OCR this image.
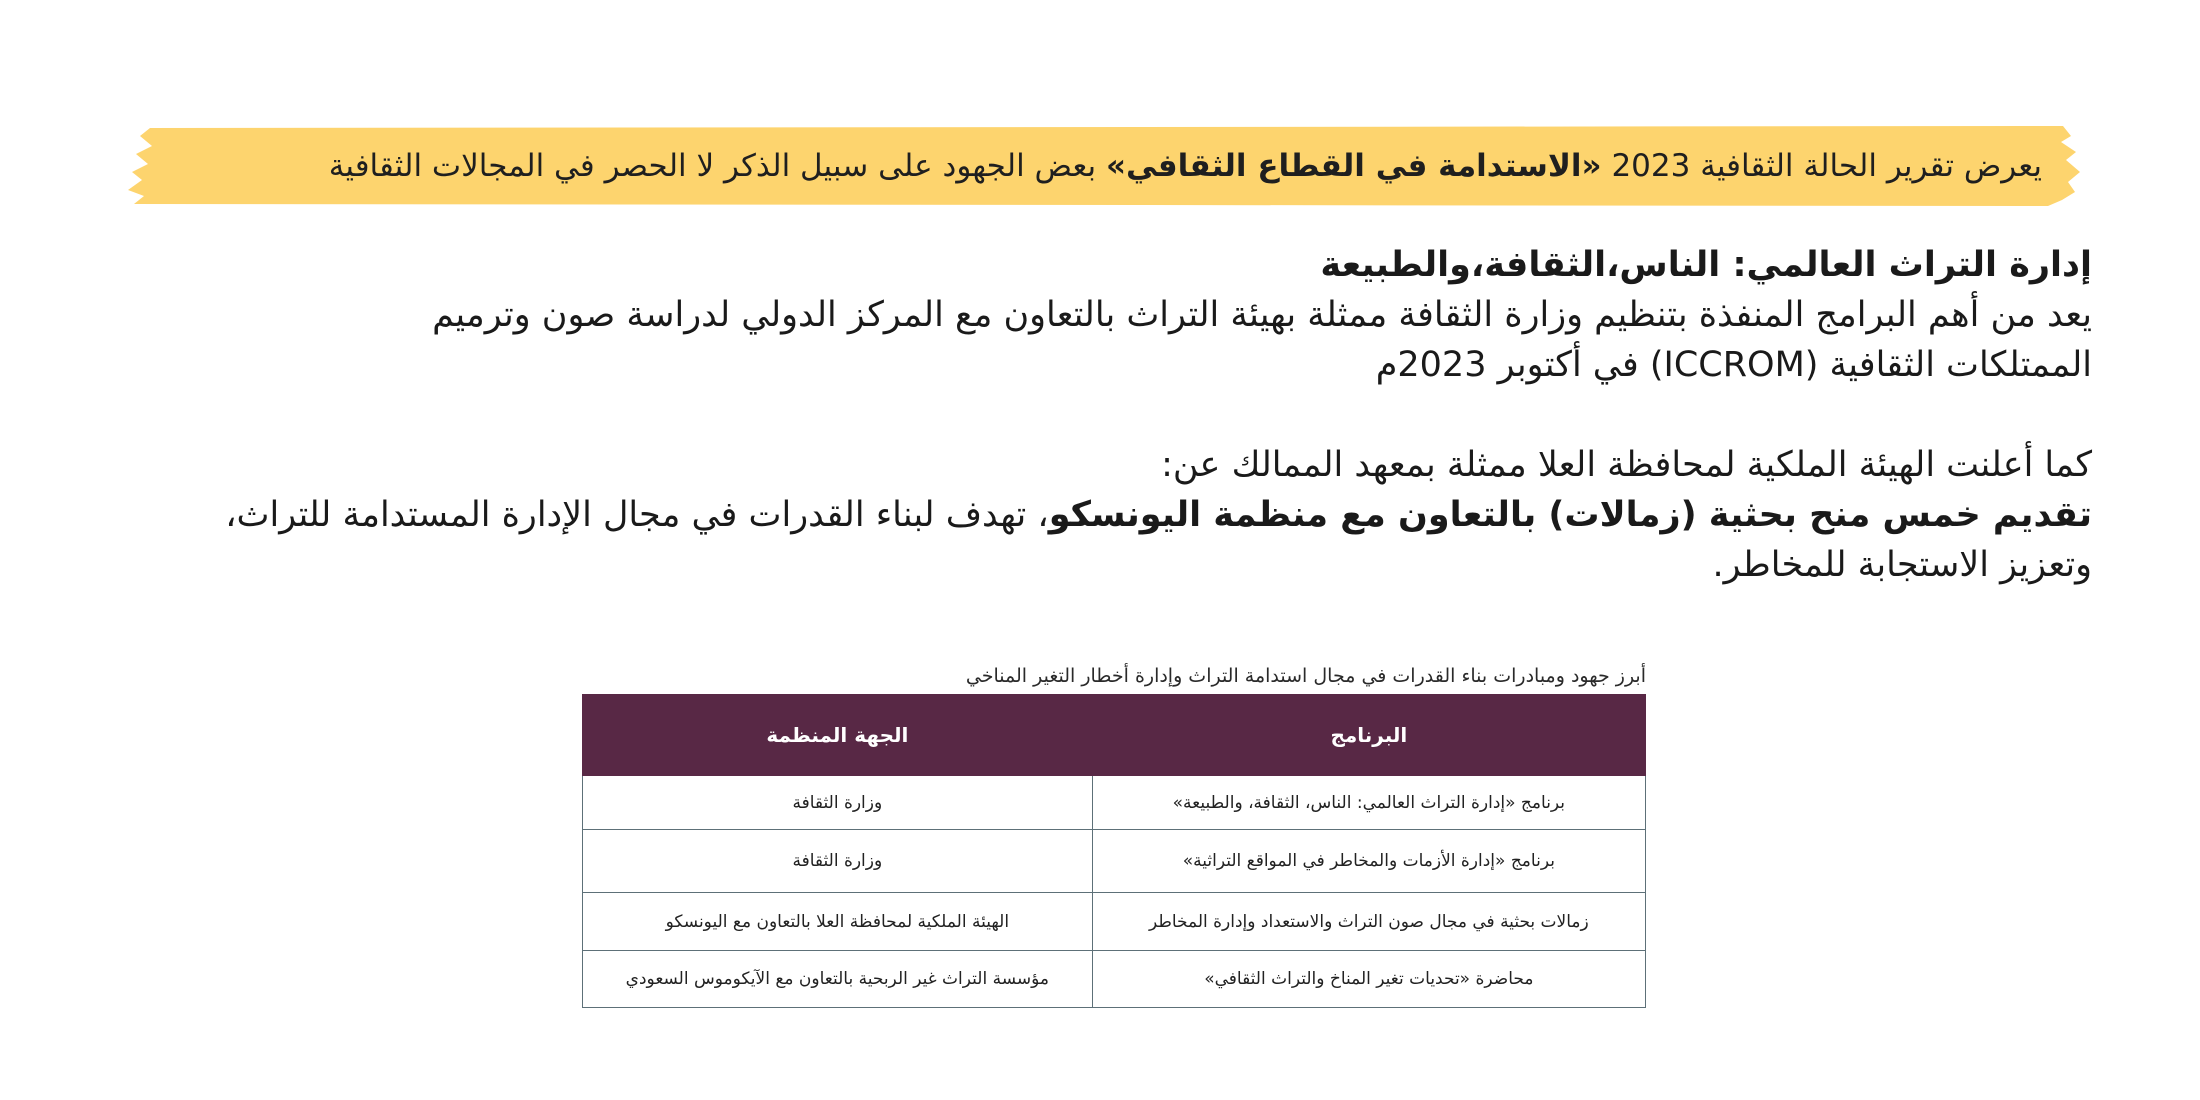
يعرض تقرير الحالة الثقافية 2023 «الاستدامة في القطاع الثقافي» بعض الجهود على سبيل الذكر لا الحصر في المجالات الثقافية
إدارة التراث العالمي: الناس،الثقافة،والطبيعة
يعد من أهم البرامج المنفذة بتنظيم وزارة الثقافة ممثلة بهيئة التراث بالتعاون مع المركز الدولي لدراسة صون وترميم
الممتلكات الثقافية (ICCROM) في أكتوبر 2023م
كما أعلنت الهيئة الملكية لمحافظة العلا ممثلة بمعهد الممالك عن:
تقديم خمس منح بحثية (زمالات) بالتعاون مع منظمة اليونسكو، تهدف لبناء القدرات في مجال الإدارة المستدامة للتراث،
وتعزيز الاستجابة للمخاطر.
أبرز جهود ومبادرات بناء القدرات في مجال استدامة التراث وإدارة أخطار التغير المناخي
البرنامج	الجهة المنظمة
برنامج «إدارة التراث العالمي: الناس، الثقافة، والطبيعة»	وزارة الثقافة
برنامج «إدارة الأزمات والمخاطر في المواقع التراثية»	وزارة الثقافة
زمالات بحثية في مجال صون التراث والاستعداد وإدارة المخاطر	الهيئة الملكية لمحافظة العلا بالتعاون مع اليونسكو
محاضرة «تحديات تغير المناخ والتراث الثقافي»	مؤسسة التراث غير الربحية بالتعاون مع الآيكوموس السعودي
